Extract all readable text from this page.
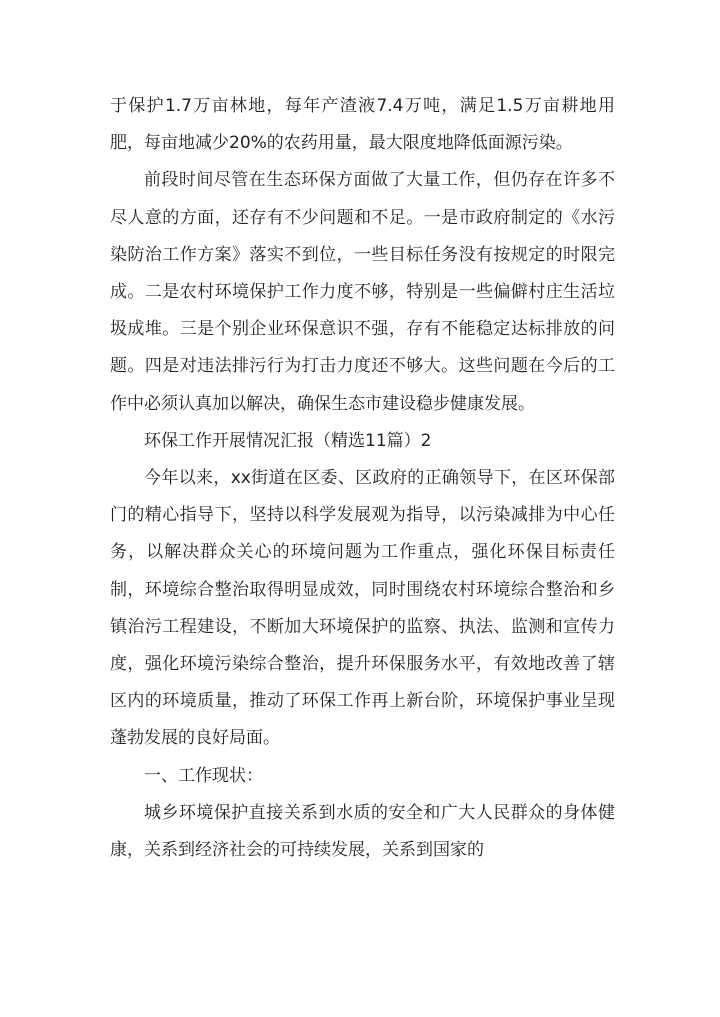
于保护1.7万亩林地，每年产渣液7.4万吨，满足1.5万亩耕地用肥，每亩地减少20%的农药用量，最大限度地降低面源污染。

前段时间尽管在生态环保方面做了大量工作，但仍存在许多不尽人意的方面，还存有不少问题和不足。一是市政府制定的《水污染防治工作方案》落实不到位，一些目标任务没有按规定的时限完成。二是农村环境保护工作力度不够，特别是一些偏僻村庄生活垃圾成堆。三是个别企业环保意识不强，存有不能稳定达标排放的问题。四是对违法排污行为打击力度还不够大。这些问题在今后的工作中必须认真加以解决，确保生态市建设稳步健康发展。

环保工作开展情况汇报（精选11篇）2

今年以来，xx街道在区委、区政府的正确领导下，在区环保部门的精心指导下，坚持以科学发展观为指导，以污染减排为中心任务，以解决群众关心的环境问题为工作重点，强化环保目标责任制，环境综合整治取得明显成效，同时围绕农村环境综合整治和乡镇治污工程建设，不断加大环境保护的监察、执法、监测和宣传力度，强化环境污染综合整治，提升环保服务水平，有效地改善了辖区内的环境质量，推动了环保工作再上新台阶，环境保护事业呈现蓬勃发展的良好局面。

一、工作现状：

城乡环境保护直接关系到水质的安全和广大人民群众的身体健康，关系到经济社会的可持续发展，关系到国家的
